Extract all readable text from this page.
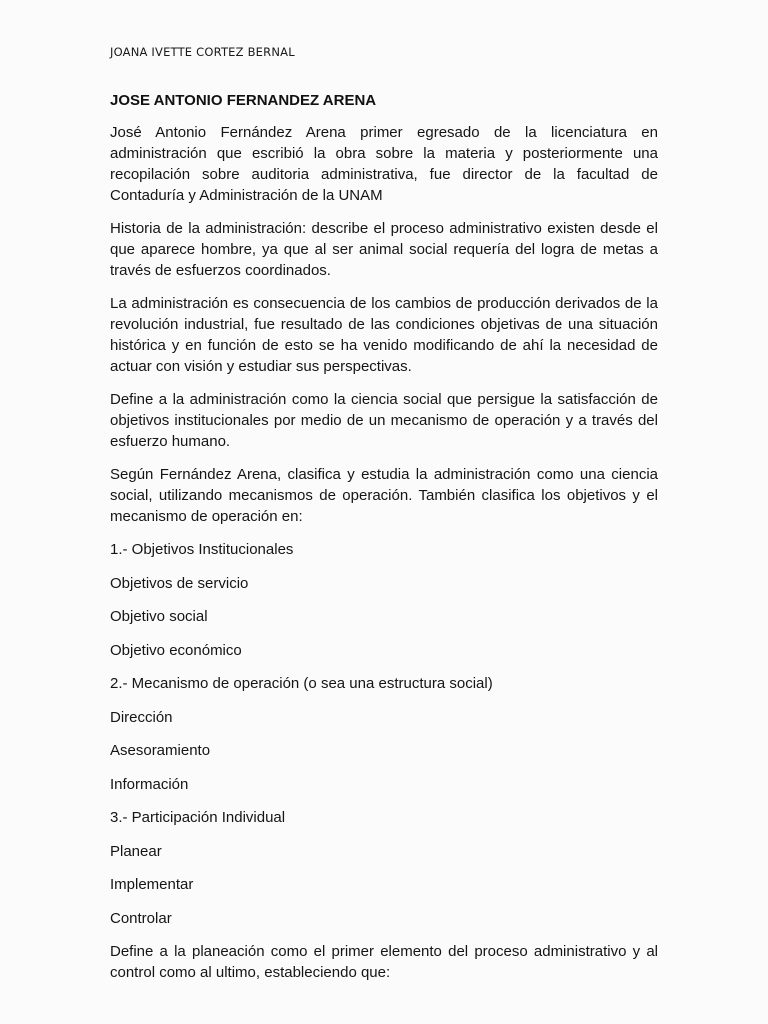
JOANA IVETTE CORTEZ BERNAL
JOSE ANTONIO FERNANDEZ ARENA

José Antonio Fernández Arena primer egresado de la licenciatura en administración que escribió la obra sobre la materia y posteriormente una recopilación sobre auditoria administrativa, fue director de la facultad de Contaduría y Administración de la UNAM

Historia de la administración: describe el proceso administrativo existen desde el que aparece hombre, ya que al ser animal social requería del logra de metas a través de esfuerzos coordinados.

La administración es consecuencia de los cambios de producción derivados de la revolución industrial, fue resultado de las condiciones objetivas de una situación histórica y en función de esto se ha venido modificando de ahí la necesidad de actuar con visión y estudiar sus perspectivas.

Define a la administración como la ciencia social que persigue la satisfacción de objetivos institucionales por medio de un mecanismo de operación y a través del esfuerzo humano.

Según Fernández Arena, clasifica y estudia la administración como una ciencia social, utilizando mecanismos de operación. También clasifica los objetivos y el mecanismo de operación en:

1.- Objetivos Institucionales
Objetivos de servicio
Objetivo social
Objetivo económico
2.- Mecanismo de operación (o sea una estructura social)
Dirección
Asesoramiento
Información
3.- Participación Individual
Planear
Implementar
Controlar

Define a la planeación como el primer elemento del proceso administrativo y al control como al ultimo, estableciendo que:
